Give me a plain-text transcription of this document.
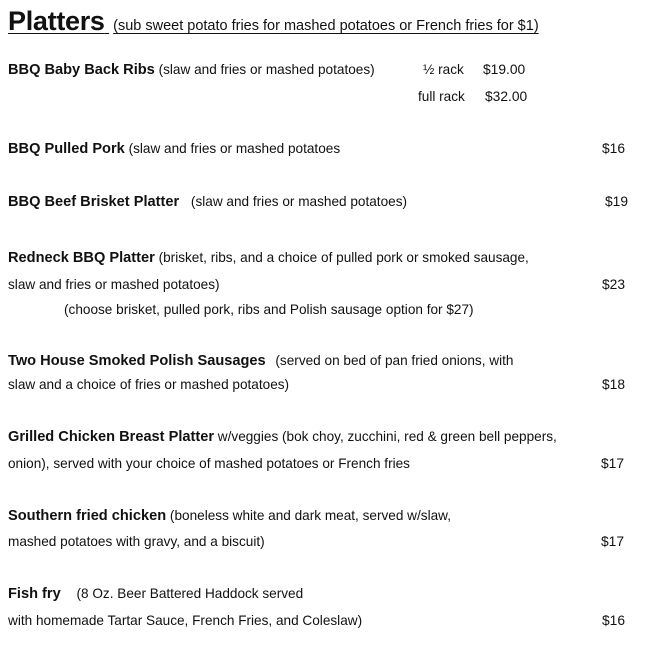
Platters (sub sweet potato fries for mashed potatoes or French fries for $1)
BBQ Baby Back Ribs (slaw and fries or mashed potatoes)	½ rack $19.00
full rack $32.00
BBQ Pulled Pork (slaw and fries or mashed potatoes	$16
BBQ Beef Brisket Platter (slaw and fries or mashed potatoes)	$19
Redneck BBQ Platter (brisket, ribs, and a choice of pulled pork or smoked sausage,
slaw and fries or mashed potatoes)	$23
(choose brisket, pulled pork, ribs and Polish sausage option for $27)
Two House Smoked Polish Sausages (served on bed of pan fried onions, with
slaw and a choice of fries or mashed potatoes)	$18
Grilled Chicken Breast Platter w/veggies (bok choy, zucchini, red & green bell peppers,
onion), served with your choice of mashed potatoes or French fries	$17
Southern fried chicken (boneless white and dark meat, served w/slaw,
mashed potatoes with gravy, and a biscuit)	$17
Fish fry (8 Oz. Beer Battered Haddock served
with homemade Tartar Sauce, French Fries, and Coleslaw)	$16
